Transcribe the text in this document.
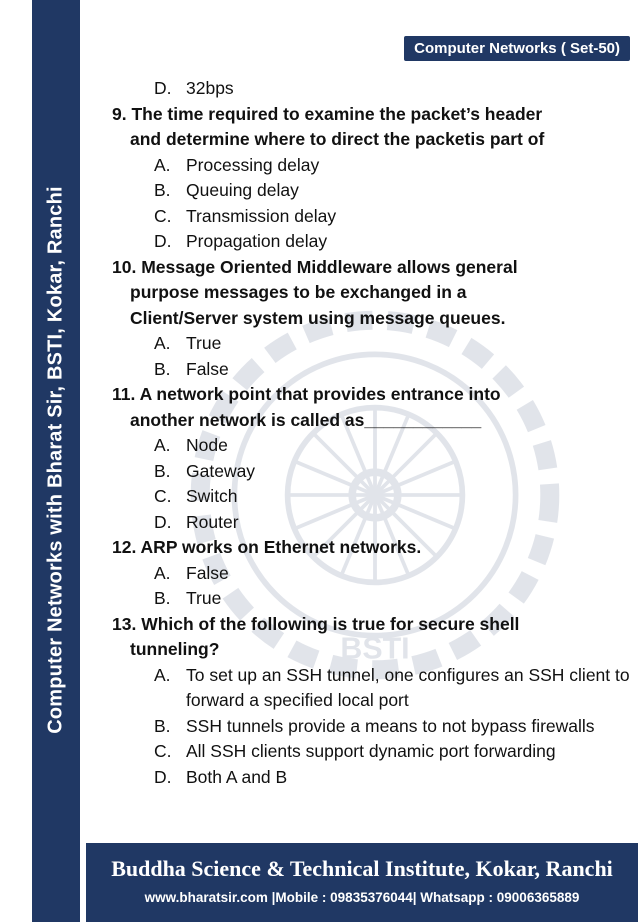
Computer Networks with Bharat Sir, BSTI, Kokar, Ranchi
Computer Networks ( Set-50)
BSTI
D. 32bps
9. The time required to examine the packet’s header
and determine where to direct the packetis part of
A. Processing delay
B. Queuing delay
C. Transmission delay
D. Propagation delay
10. Message Oriented Middleware allows general
purpose messages to be exchanged in a
Client/Server system using message queues.
A. True
B. False
11. A network point that provides entrance into
another network is called as____________
A. Node
B. Gateway
C. Switch
D. Router
12. ARP works on Ethernet networks.
A. False
B. True
13. Which of the following is true for secure shell
tunneling?
A. To set up an SSH tunnel, one configures an SSH client to forward a specified local port
B. SSH tunnels provide a means to not bypass firewalls
C. All SSH clients support dynamic port forwarding
D. Both A and B
Buddha Science & Technical Institute, Kokar, Ranchi
www.bharatsir.com |Mobile : 09835376044| Whatsapp : 09006365889
